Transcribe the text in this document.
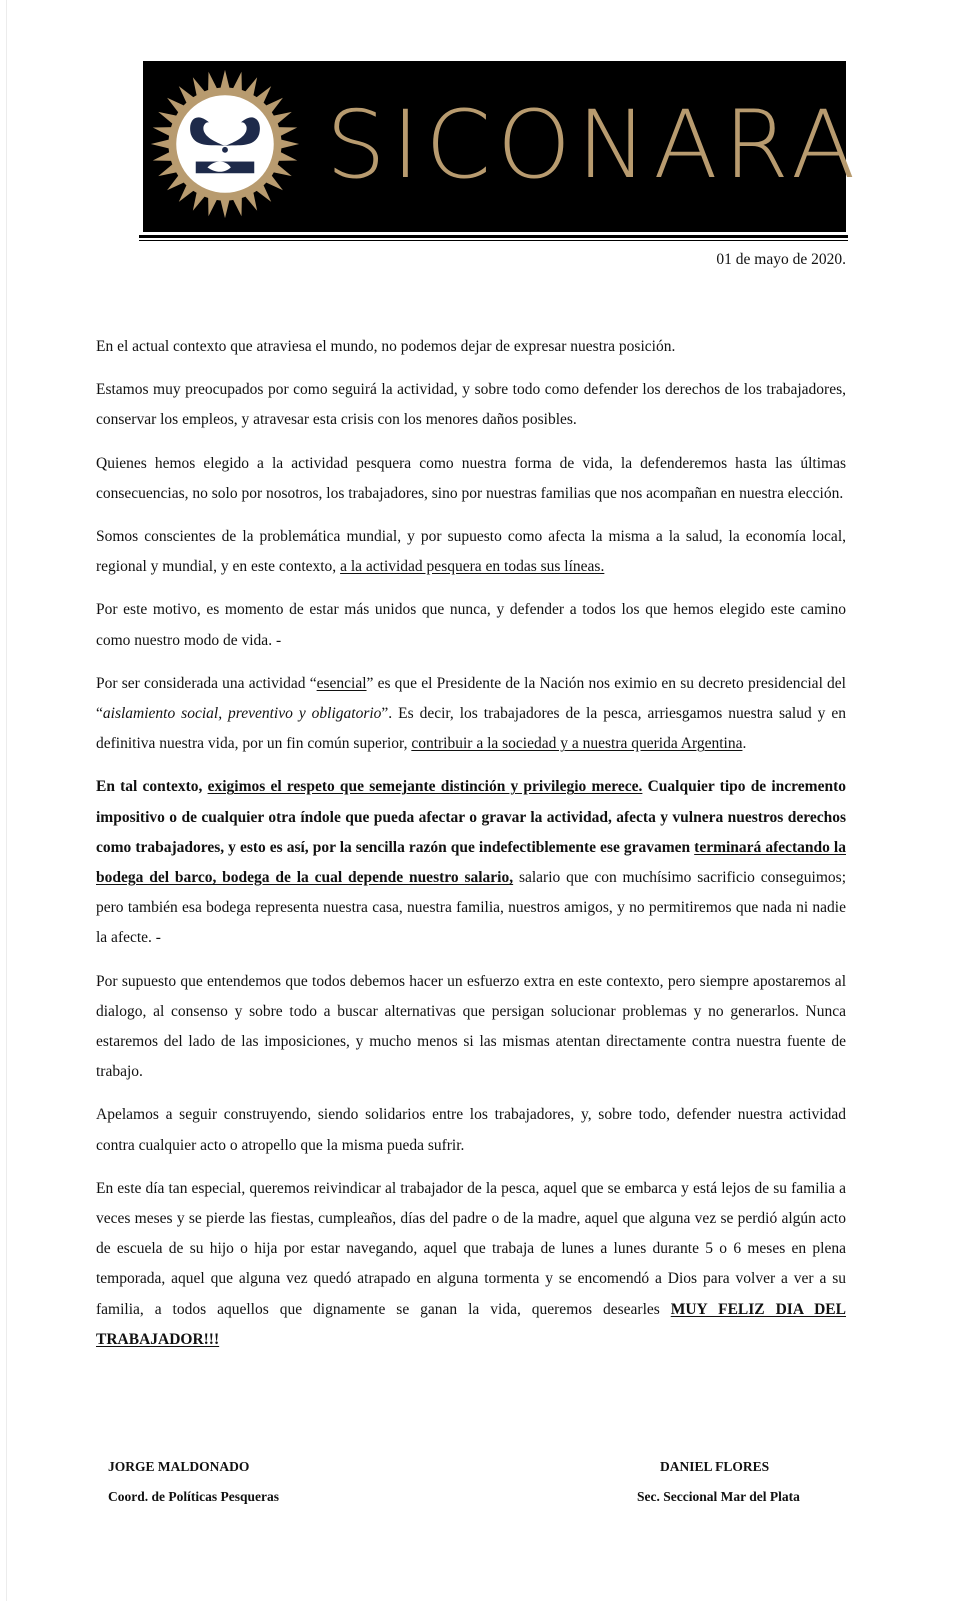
SICONARA
01 de mayo de 2020.

En el actual contexto que atraviesa el mundo, no podemos dejar de expresar nuestra posición.

Estamos muy preocupados por como seguirá la actividad, y sobre todo como defender los derechos de los trabajadores, conservar los empleos, y atravesar esta crisis con los menores daños posibles.

Quienes hemos elegido a la actividad pesquera como nuestra forma de vida, la defenderemos hasta las últimas consecuencias, no solo por nosotros, los trabajadores, sino por nuestras familias que nos acompañan en nuestra elección.

Somos conscientes de la problemática mundial, y por supuesto como afecta la misma a la salud, la economía local, regional y mundial, y en este contexto, a la actividad pesquera en todas sus líneas.

Por este motivo, es momento de estar más unidos que nunca, y defender a todos los que hemos elegido este camino como nuestro modo de vida. -

Por ser considerada una actividad “esencial” es que el Presidente de la Nación nos eximio en su decreto presidencial del “aislamiento social, preventivo y obligatorio”. Es decir, los trabajadores de la pesca, arriesgamos nuestra salud y en definitiva nuestra vida, por un fin común superior, contribuir a la sociedad y a nuestra querida Argentina.

En tal contexto, exigimos el respeto que semejante distinción y privilegio merece. Cualquier tipo de incremento impositivo o de cualquier otra índole que pueda afectar o gravar la actividad, afecta y vulnera nuestros derechos como trabajadores, y esto es así, por la sencilla razón que indefectiblemente ese gravamen terminará afectando la bodega del barco, bodega de la cual depende nuestro salario, salario que con muchísimo sacrificio conseguimos; pero también esa bodega representa nuestra casa, nuestra familia, nuestros amigos, y no permitiremos que nada ni nadie la afecte. -

Por supuesto que entendemos que todos debemos hacer un esfuerzo extra en este contexto, pero siempre apostaremos al dialogo, al consenso y sobre todo a buscar alternativas que persigan solucionar problemas y no generarlos. Nunca estaremos del lado de las imposiciones, y mucho menos si las mismas atentan directamente contra nuestra fuente de trabajo.

Apelamos a seguir construyendo, siendo solidarios entre los trabajadores, y, sobre todo, defender nuestra actividad contra cualquier acto o atropello que la misma pueda sufrir.

En este día tan especial, queremos reivindicar al trabajador de la pesca, aquel que se embarca y está lejos de su familia a veces meses y se pierde las fiestas, cumpleaños, días del padre o de la madre, aquel que alguna vez se perdió algún acto de escuela de su hijo o hija por estar navegando, aquel que trabaja de lunes a lunes durante 5 o 6 meses en plena temporada, aquel que alguna vez quedó atrapado en alguna tormenta y se encomendó a Dios para volver a ver a su familia, a todos aquellos que dignamente se ganan la vida, queremos desearles MUY FELIZ DIA DEL TRABAJADOR!!!

JORGE MALDONADO
Coord. de Políticas Pesqueras
DANIEL FLORES
Sec. Seccional Mar del Plata
